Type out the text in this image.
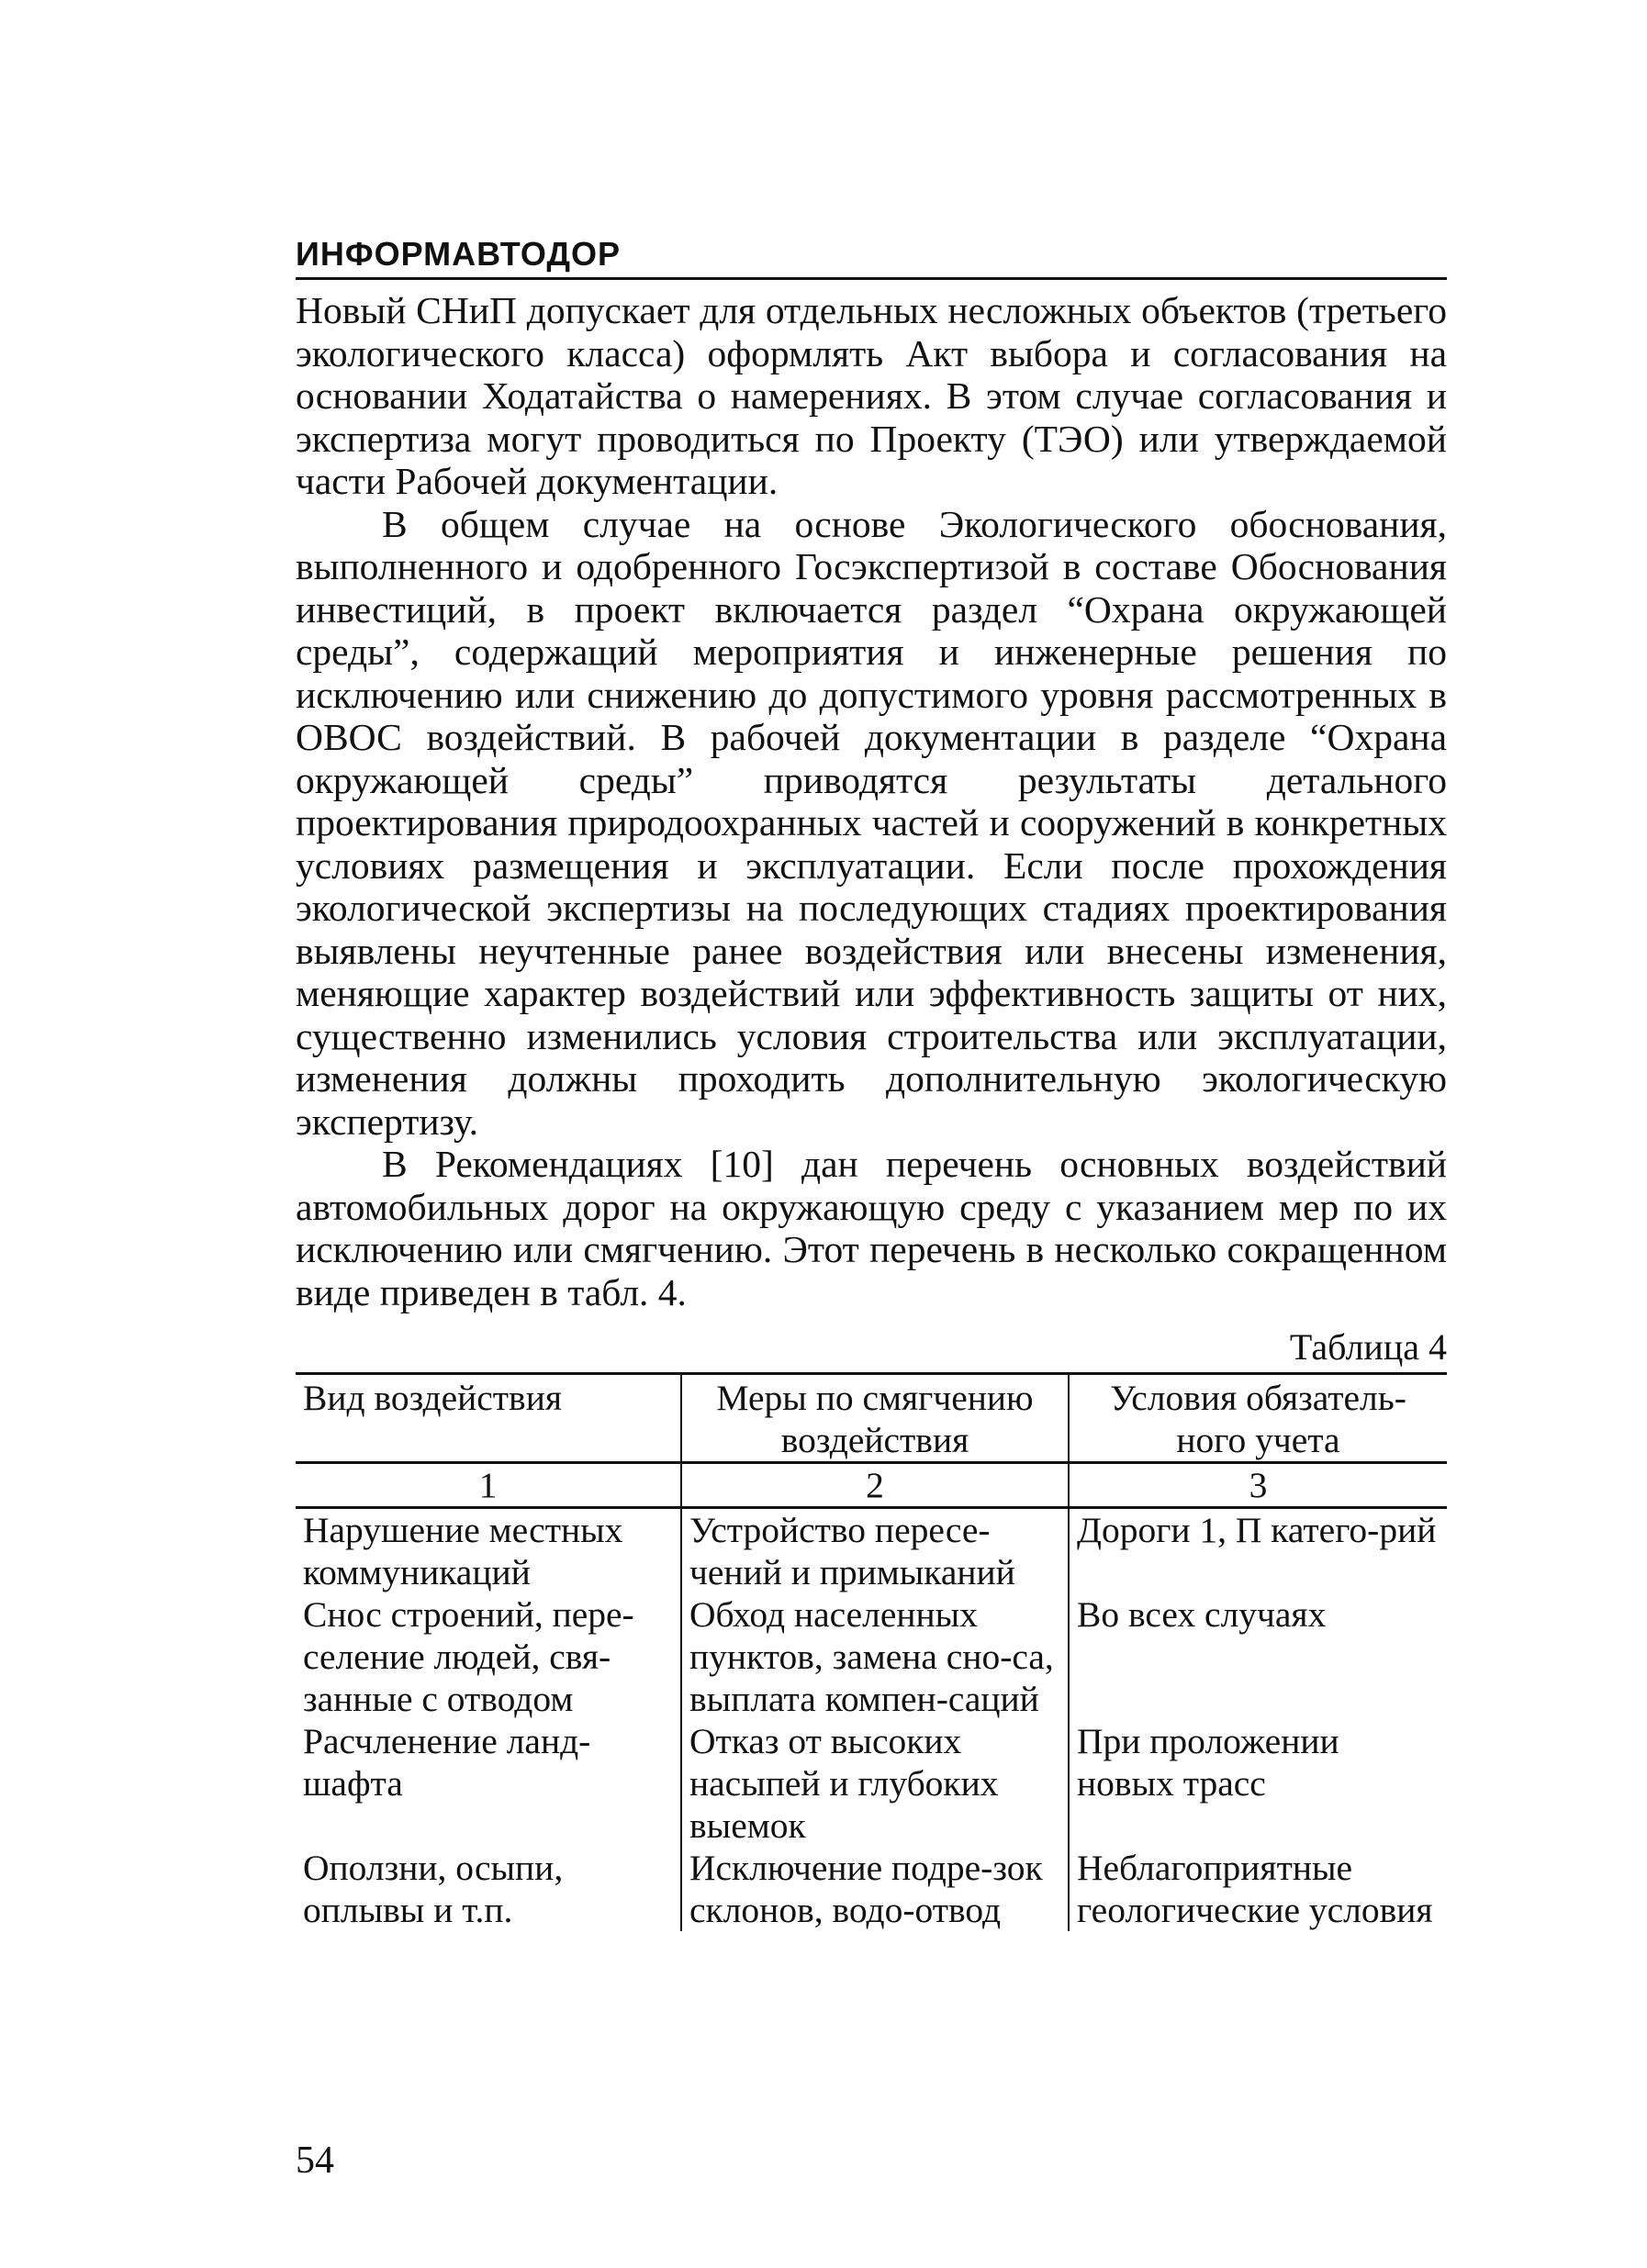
ИНФОРМАВТОДОР

Новый СНиП допускает для отдельных несложных объектов (третьего экологического класса) оформлять Акт выбора и согласования на основании Ходатайства о намерениях. В этом случае согласования и экспертиза могут проводиться по Проекту (ТЭО) или утверждаемой части Рабочей документации.

В общем случае на основе Экологического обоснования, выполненного и одобренного Госэкспертизой в составе Обоснования инвестиций, в проект включается раздел “Охрана окружающей среды”, содержащий мероприятия и инженерные решения по исключению или снижению до допустимого уровня рассмотренных в ОВОС воздействий. В рабочей документации в разделе “Охрана окружающей среды” приводятся результаты детального проектирования природоохранных частей и сооружений в конкретных условиях размещения и эксплуатации. Если после прохождения экологической экспертизы на последующих стадиях проектирования выявлены неучтенные ранее воздействия или внесены изменения, меняющие характер воздействий или эффективность защиты от них, существенно изменились условия строительства или эксплуатации, изменения должны проходить дополнительную экологическую экспертизу.

В Рекомендациях [10] дан перечень основных воздействий автомобильных дорог на окружающую среду с указанием мер по их исключению или смягчению. Этот перечень в несколько сокращенном виде приведен в табл. 4.

Таблица 4
Вид воздействия	Меры по смягчению воздействия	Условия обязатель-ного учета
1	2	3
Нарушение местных коммуникаций	Устройство пересе-чений и примыканий	Дороги 1, П катего-рий
Снос строений, пере-селение людей, свя-занные с отводом	Обход населенных пунктов, замена сно-са, выплата компен-саций	Во всех случаях
Расчленение ланд-шафта	Отказ от высоких насыпей и глубоких выемок	При проложении новых трасс
Оползни, осыпи, оплывы и т.п.	Исключение подре-зок склонов, водо-отвод	Неблагоприятные геологические условия
54
